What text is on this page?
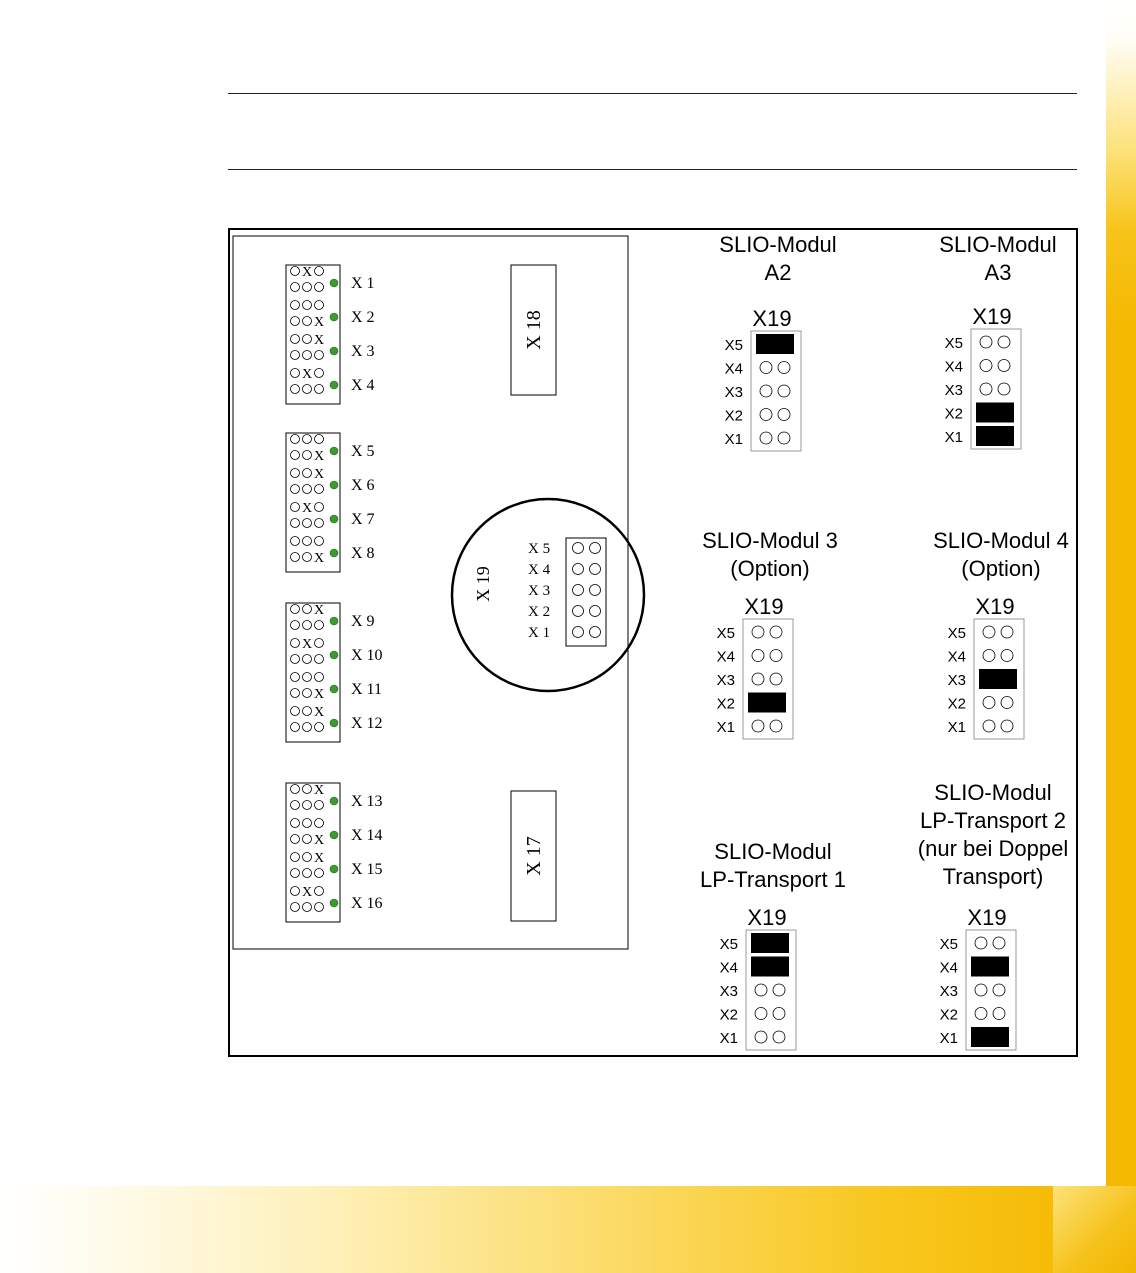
X
X 1
X X 2
X
X 3
X
X 4
X X 5
X
X 6
X
X 7
X X 8
X
X 9
X
X 10
X X 11
X
X 12
X
X 13
X X 14
X
X 15
X
X 16
X 18
X 17
X 19
X 5
X 4
X 3
X 2
X 1
SLIO-Modul
A2
X19
X5
X4
X3
X2
X1
SLIO-Modul
A3
X19
X5
X4
X3
X2
X1
SLIO-Modul 3
(Option)
X19
X5
X4
X3
X2
X1
SLIO-Modul 4
(Option)
X19
X5
X4
X3
X2
X1
SLIO-Modul
LP-Transport 1
X19
X5
X4
X3
X2
X1
SLIO-Modul
LP-Transport 2
(nur bei Doppel
Transport)
X19
X5
X4
X3
X2
X1
